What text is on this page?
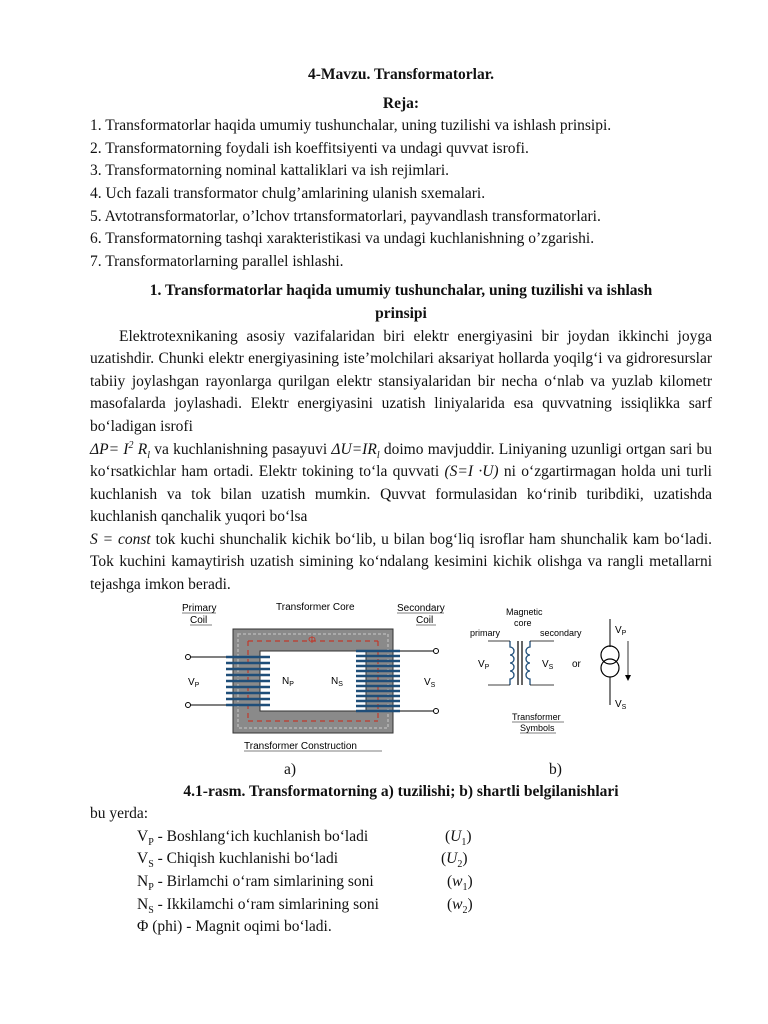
4-Mavzu. Transformatorlar.
Reja:
1. Transformatorlar haqida umumiy tushunchalar, uning tuzilishi va ishlash prinsipi.
2. Transformatorning foydali ish koeffitsiyenti va undagi quvvat isrofi.
3. Transformatorning nominal kattaliklari va ish rejimlari.
4. Uch fazali transformator chulg’amlarining ulanish sxemalari.
5. Avtotransformatorlar, o’lchov trtansformatorlari, payvandlash transformatorlari.
6. Transformatorning tashqi xarakteristikasi va undagi kuchlanishning o’zgarishi.
7. Transformatorlarning parallel ishlashi.
1. Transformatorlar haqida umumiy tushunchalar, uning tuzilishi va ishlash
prinsipi

Elektrotexnikaning asosiy vazifalaridan biri elektr energiyasini bir joydan ikkinchi joyga uzatishdir. Chunki elektr energiyasining iste’molchilari aksariyat hollarda yoqilg‘i va gidroresurslar tabiiy joylashgan rayonlarga qurilgan elektr stansiyalaridan bir necha o‘nlab va yuzlab kilometr masofalarda joylashadi. Elektr energiyasini uzatish liniyalarida esa quvvatning issiqlikka sarf bo‘ladigan isrofi
$\Delta P= I^2$ $R_l$ va kuchlanishning pasayuvi $\Delta U=IR_l$ doimo mavjuddir. Liniyaning uzunligi ortgan sari bu ko‘rsatkichlar ham ortadi. Elektr tokining to‘la quvvati (S=I ·U) ni o‘zgartirmagan holda uni turli kuchlanish va tok bilan uzatish mumkin. Quvvat formulasidan ko‘rinib turibdiki, uzatishda kuchlanish qanchalik yuqori bo‘lsa
S = const tok kuchi shunchalik kichik bo‘lib, u bilan bog‘liq isroflar ham shunchalik kam bo‘ladi. Tok kuchini kamaytirish uzatish simining ko‘ndalang kesimini kichik olishga va rangli metallarni tejashga imkon beradi.

Primary
Coil
Transformer Core	Secondary
Coil
Φ
$V_P$	$N_P$	$N_S$	$V_S$
Transformer Construction
Magnetic
core
primary	secondary
$V_P$	$V_S$ or
$V_P$
$V_S$
Transformer
Symbols
a)	b)
4.1-rasm. Transformatorning a) tuzilishi; b) shartli belgilanishlari
bu yerda:
$V_P$ - Boshlang‘ich kuchlanish bo‘ladi	$(U_1)$
$V_S$ - Chiqish kuchlanishi bo‘ladi	$(U_2)$
$N_P$ - Birlamchi o‘ram simlarining soni	$(w_1)$
$N_S$ - Ikkilamchi o‘ram simlarining soni	$(w_2)$
Φ (phi) - Magnit oqimi bo‘ladi.
